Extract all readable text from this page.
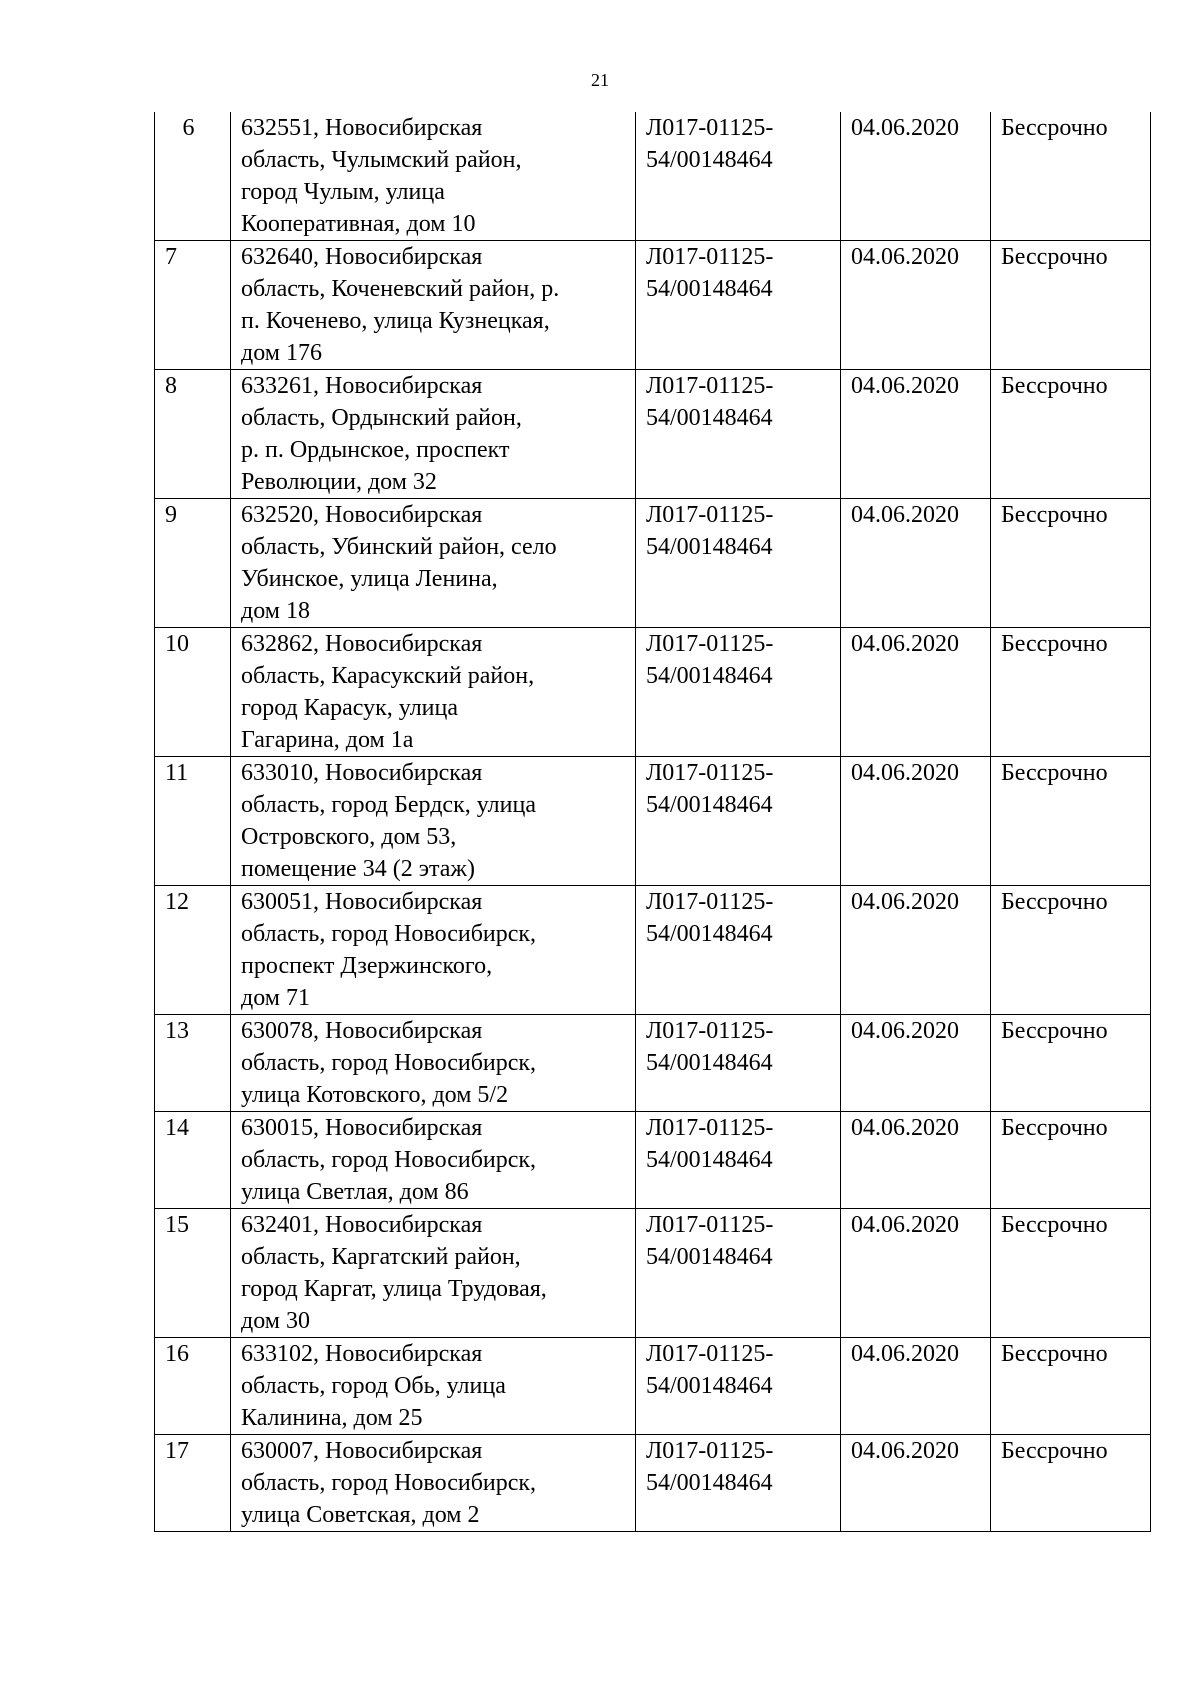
21
6	632551, Новосибирская
область, Чулымский район,
город Чулым, улица
Кооперативная, дом 10	Л017-01125-
54/00148464	04.06.2020	Бессрочно
7	632640, Новосибирская
область, Коченевский район, р.
п. Коченево, улица Кузнецкая,
дом 176	Л017-01125-
54/00148464	04.06.2020	Бессрочно
8	633261, Новосибирская
область, Ордынский район,
р. п. Ордынское, проспект
Революции, дом 32	Л017-01125-
54/00148464	04.06.2020	Бессрочно
9	632520, Новосибирская
область, Убинский район, село
Убинское, улица Ленина,
дом 18	Л017-01125-
54/00148464	04.06.2020	Бессрочно
10	632862, Новосибирская
область, Карасукский район,
город Карасук, улица
Гагарина, дом 1а	Л017-01125-
54/00148464	04.06.2020	Бессрочно
11	633010, Новосибирская
область, город Бердск, улица
Островского, дом 53,
помещение 34 (2 этаж)	Л017-01125-
54/00148464	04.06.2020	Бессрочно
12	630051, Новосибирская
область, город Новосибирск,
проспект Дзержинского,
дом 71	Л017-01125-
54/00148464	04.06.2020	Бессрочно
13	630078, Новосибирская
область, город Новосибирск,
улица Котовского, дом 5/2	Л017-01125-
54/00148464	04.06.2020	Бессрочно
14	630015, Новосибирская
область, город Новосибирск,
улица Светлая, дом 86	Л017-01125-
54/00148464	04.06.2020	Бессрочно
15	632401, Новосибирская
область, Каргатский район,
город Каргат, улица Трудовая,
дом 30	Л017-01125-
54/00148464	04.06.2020	Бессрочно
16	633102, Новосибирская
область, город Обь, улица
Калинина, дом 25	Л017-01125-
54/00148464	04.06.2020	Бессрочно
17	630007, Новосибирская
область, город Новосибирск,
улица Советская, дом 2	Л017-01125-
54/00148464	04.06.2020	Бессрочно
